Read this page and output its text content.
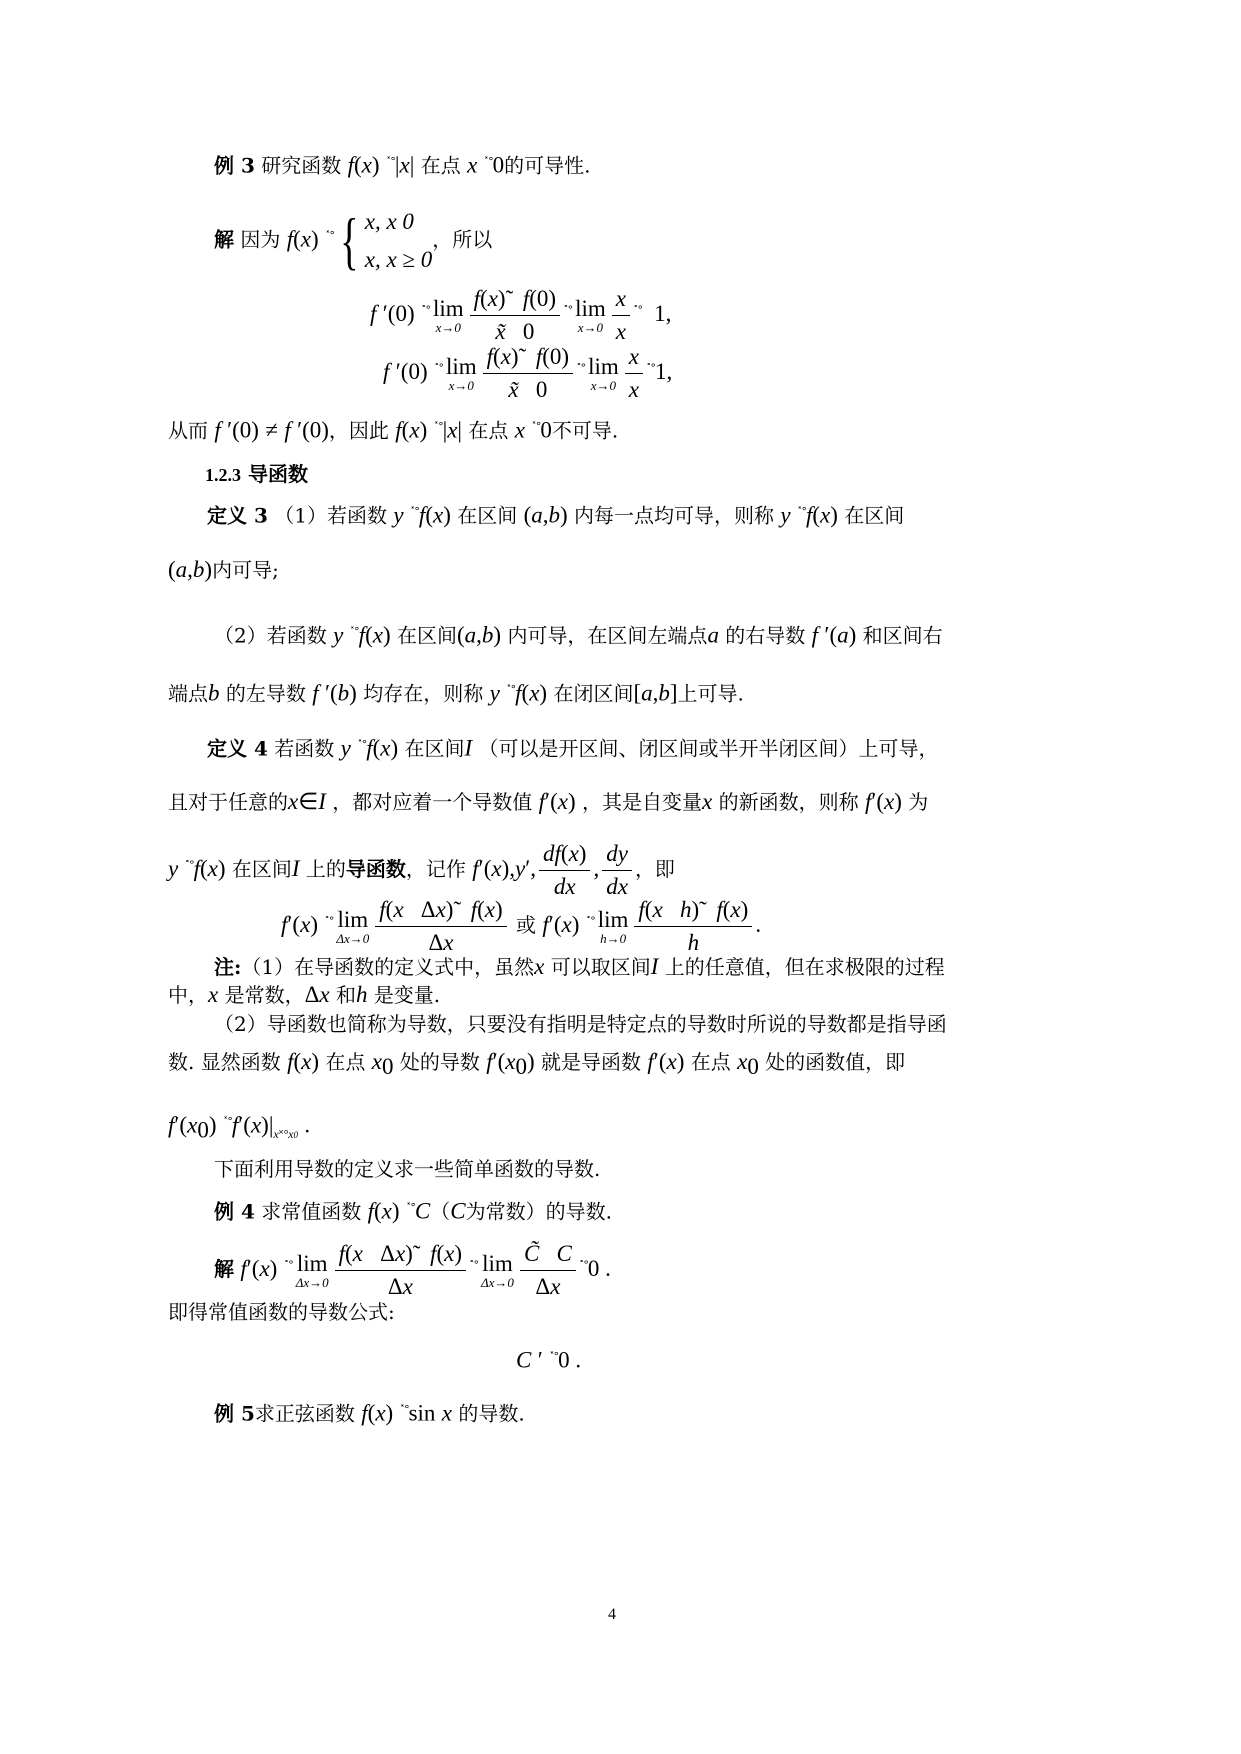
例 3 研究函数 f(x) ˟°|x| 在点 x ˟°0的可导性.
解 因为 f(x) ˟°{ x, x 0
x, x ≥ 0
，所以
f ′(0) ˟° lim
$x\to 0 \frac{f(x)̃ f(0)}{x̃ 0} ^{˟^\circ}$ lim
$x\to 0 \frac{x}{x} ^{˟^\circ}$  1,
f ′(0) ˟° lim
$x\to 0 \frac{f(x)̃ f(0)}{x̃ 0} ^{˟^\circ}$ lim
$x\to 0 \frac{x}{x} ^{˟^\circ}1$,
从而 f ′(0) ≠ f ′(0)，因此 f(x) ˟°|x| 在点 x ˟°0不可导.
1.2.3 导函数
定义 3 （1）若函数 y ˟°f(x) 在区间 (a,b) 内每一点均可导，则称 y ˟°f(x) 在区间
(a,b)内可导;
（2）若函数 y ˟°f(x) 在区间(a,b) 内可导，在区间左端点a 的右导数 f ′(a) 和区间右
端点b 的左导数 f ′(b) 均存在，则称 y ˟°f(x) 在闭区间[a,b]上可导.
定义 4 若函数 y ˟°f(x) 在区间I （可以是开区间、闭区间或半开半闭区间）上可导，
且对于任意的x∈I ，都对应着一个导数值 f′(x) ，其是自变量x 的新函数，则称 f′(x) 为
y ˟°f(x) 在区间I 上的导函数，记作 f′(x),y′, $\frac{df(x)}{dx}$ , $\frac{dy}{dx}$ ，即
f′(x) ˟° lim
$\Delta x\to 0 \frac{\text{f(x   Δx)̃   f(x)}}{\Delta x}$ 或 f′(x) ˟° lim
$h\to 0 \frac{\text{f(x h)̃   f(x)}}{h}$ .
注:（1）在导函数的定义式中，虽然x 可以取区间I 上的任意值，但在求极限的过程
中，x 是常数，Δx 和h 是变量.
（2）导函数也简称为导数，只要没有指明是特定点的导数时所说的导数都是指导函
数. 显然函数 f(x) 在点 $x_0$ 处的导数 $f'(x_0)$ 就是导函数 f′(x) 在点 $x_0$ 处的函数值，即
$f'(x_0)$ $^{˟^\circ}f'(x)|_{x˟^\circ x0}$ .
下面利用导数的定义求一些简单函数的导数.
例 4 求常值函数 f(x) ˟°C（C为常数）的导数.
解 f′(x) ˟° lim
$\Delta x\to 0 \frac{\text{f(x   Δx)̃   f(x)}}{\Delta x} ^{˟^\circ}$ lim
$\Delta x\to 0 \frac{C̃ C}{\Delta x} ^{˟^\circ}0$ .
即得常值函数的导数公式:
C ′ ˟°0 .
例 5求正弦函数 f(x) ˟°sin x 的导数.
4
